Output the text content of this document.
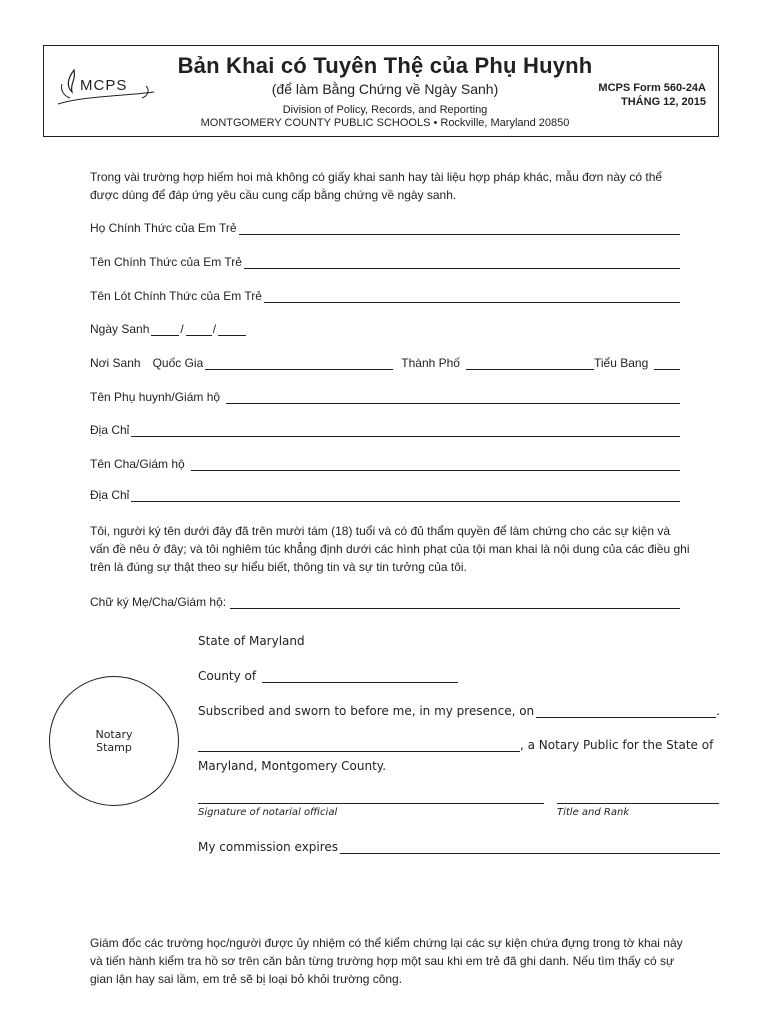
MCPS
Bản Khai có Tuyên Thệ của Phụ Huynh
(để làm Bằng Chứng về Ngày Sanh)	MCPS Form 560-24A
THÁNG 12, 2015
Division of Policy, Records, and Reporting
MONTGOMERY COUNTY PUBLIC SCHOOLS • Rockville, Maryland 20850
Trong vài trường hợp hiếm hoi mà không có giấy khai sanh hay tài liệu hợp pháp khác, mẫu đơn này có thể được dùng để đáp ứng yêu cầu cung cấp bằng chứng về ngày sanh.
Họ Chính Thức của Em Trẻ
Tên Chính Thức của Em Trẻ
Tên Lót Chính Thức của Em Trẻ
Ngày Sanh	/ /
Nơi Sanh Quốc Gia	Thành Phố	Tiểu Bang
Tên Phụ huynh/Giám hộ
Địa Chỉ
Tên Cha/Giám hộ
Địa Chỉ
Tôi, người ký tên dưới đây đã trên mười tám (18) tuổi và có đủ thẩm quyền để làm chứng cho các sự kiện và vấn đề nêu ở đây; và tôi nghiêm túc khẳng định dưới các hình phạt của tội man khai là nội dung của các điều ghi trên là đúng sự thật theo sự hiểu biết, thông tin và sự tin tưởng của tôi.
Chữ ký Mẹ/Cha/Giám hộ:
State of Maryland
County of
Subscribed and sworn to before me, in my presence, on	.
, a Notary Public for the State of
Maryland, Montgomery County.
Signature of notarial official	Title and Rank
My commission expires
Notary
Stamp
Giám đốc các trường học/người được ủy nhiệm có thể kiểm chứng lại các sự kiện chứa đựng trong tờ khai này và tiến hành kiểm tra hồ sơ trên căn bản từng trường hợp một sau khi em trẻ đã ghi danh. Nếu tìm thấy có sự gian lận hay sai lầm, em trẻ sẽ bị loại bỏ khỏi trường công.
